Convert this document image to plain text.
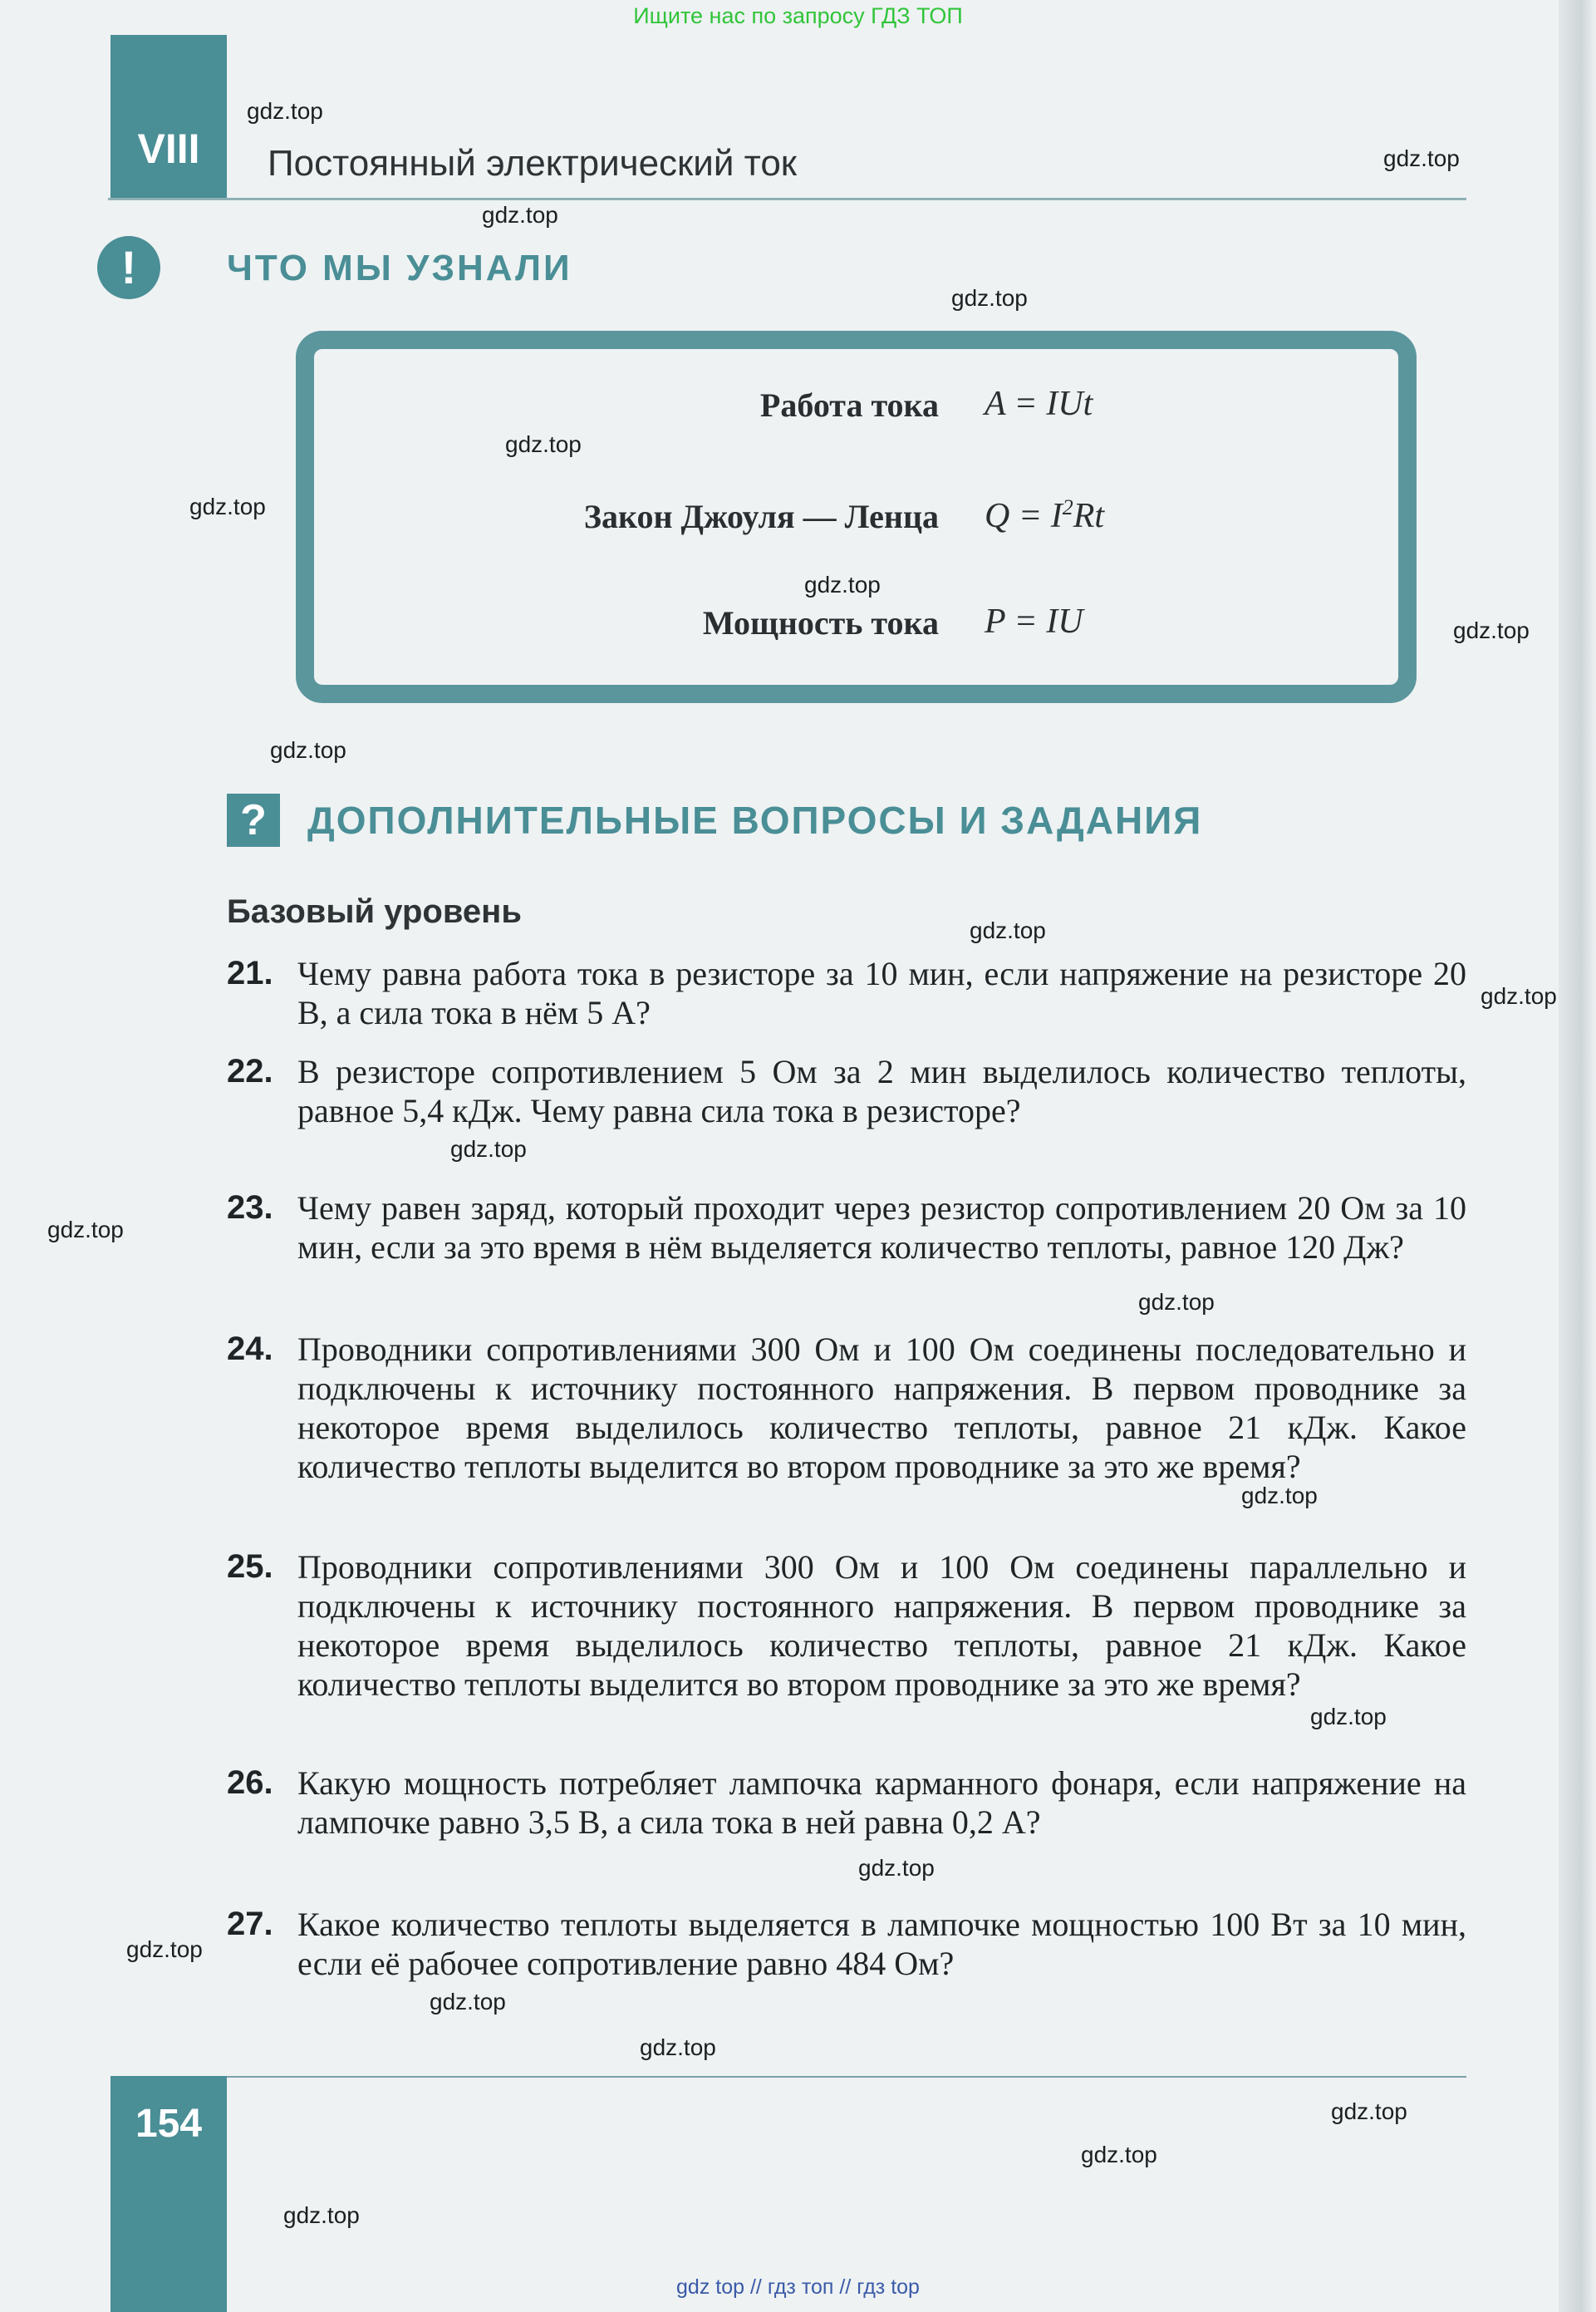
Ищите нас по запросу ГДЗ ТОП
VIII	Постоянный электрический ток
!	ЧТО МЫ УЗНАЛИ
Работа тока A = IUt
Закон Джоуля — Ленца $Q = I^2Rt$
Мощность тока P = IU
?	ДОПОЛНИТЕЛЬНЫЕ ВОПРОСЫ И ЗАДАНИЯ
Базовый уровень
21. Чему равна работа тока в резисторе за 10 мин, если напряжение на резисторе 20 В, а сила тока в нём 5 А?
22. В резисторе сопротивлением 5 Ом за 2 мин выделилось количество теплоты, равное 5,4 кДж. Чему равна сила тока в резисторе?
23. Чему равен заряд, который проходит через резистор сопротивлением 20 Ом за 10 мин, если за это время в нём выделяется количество теплоты, равное 120 Дж?
24. Проводники сопротивлениями 300 Ом и 100 Ом соединены последовательно и подключены к источнику постоянного напряжения. В первом проводнике за некоторое время выделилось количество теплоты, равное 21 кДж. Какое количество теплоты выделится во втором проводнике за это же время?
25. Проводники сопротивлениями 300 Ом и 100 Ом соединены параллельно и подключены к источнику постоянного напряжения. В первом проводнике за некоторое время выделилось количество теплоты, равное 21 кДж. Какое количество теплоты выделится во втором проводнике за это же время?
26. Какую мощность потребляет лампочка карманного фонаря, если напряжение на лампочке равно 3,5 В, а сила тока в ней равна 0,2 А?
27. Какое количество теплоты выделяется в лампочке мощностью 100 Вт за 10 мин, если её рабочее сопротивление равно 484 Ом?
154
gdz top // гдз топ // гдз top
gdz.top
gdz.top
gdz.top
gdz.top
gdz.top
gdz.top
gdz.top
gdz.top
gdz.top
gdz.top
gdz.top
gdz.top
gdz.top
gdz.top
gdz.top
gdz.top
gdz.top
gdz.top
gdz.top
gdz.top
gdz.top
gdz.top
gdz.top
